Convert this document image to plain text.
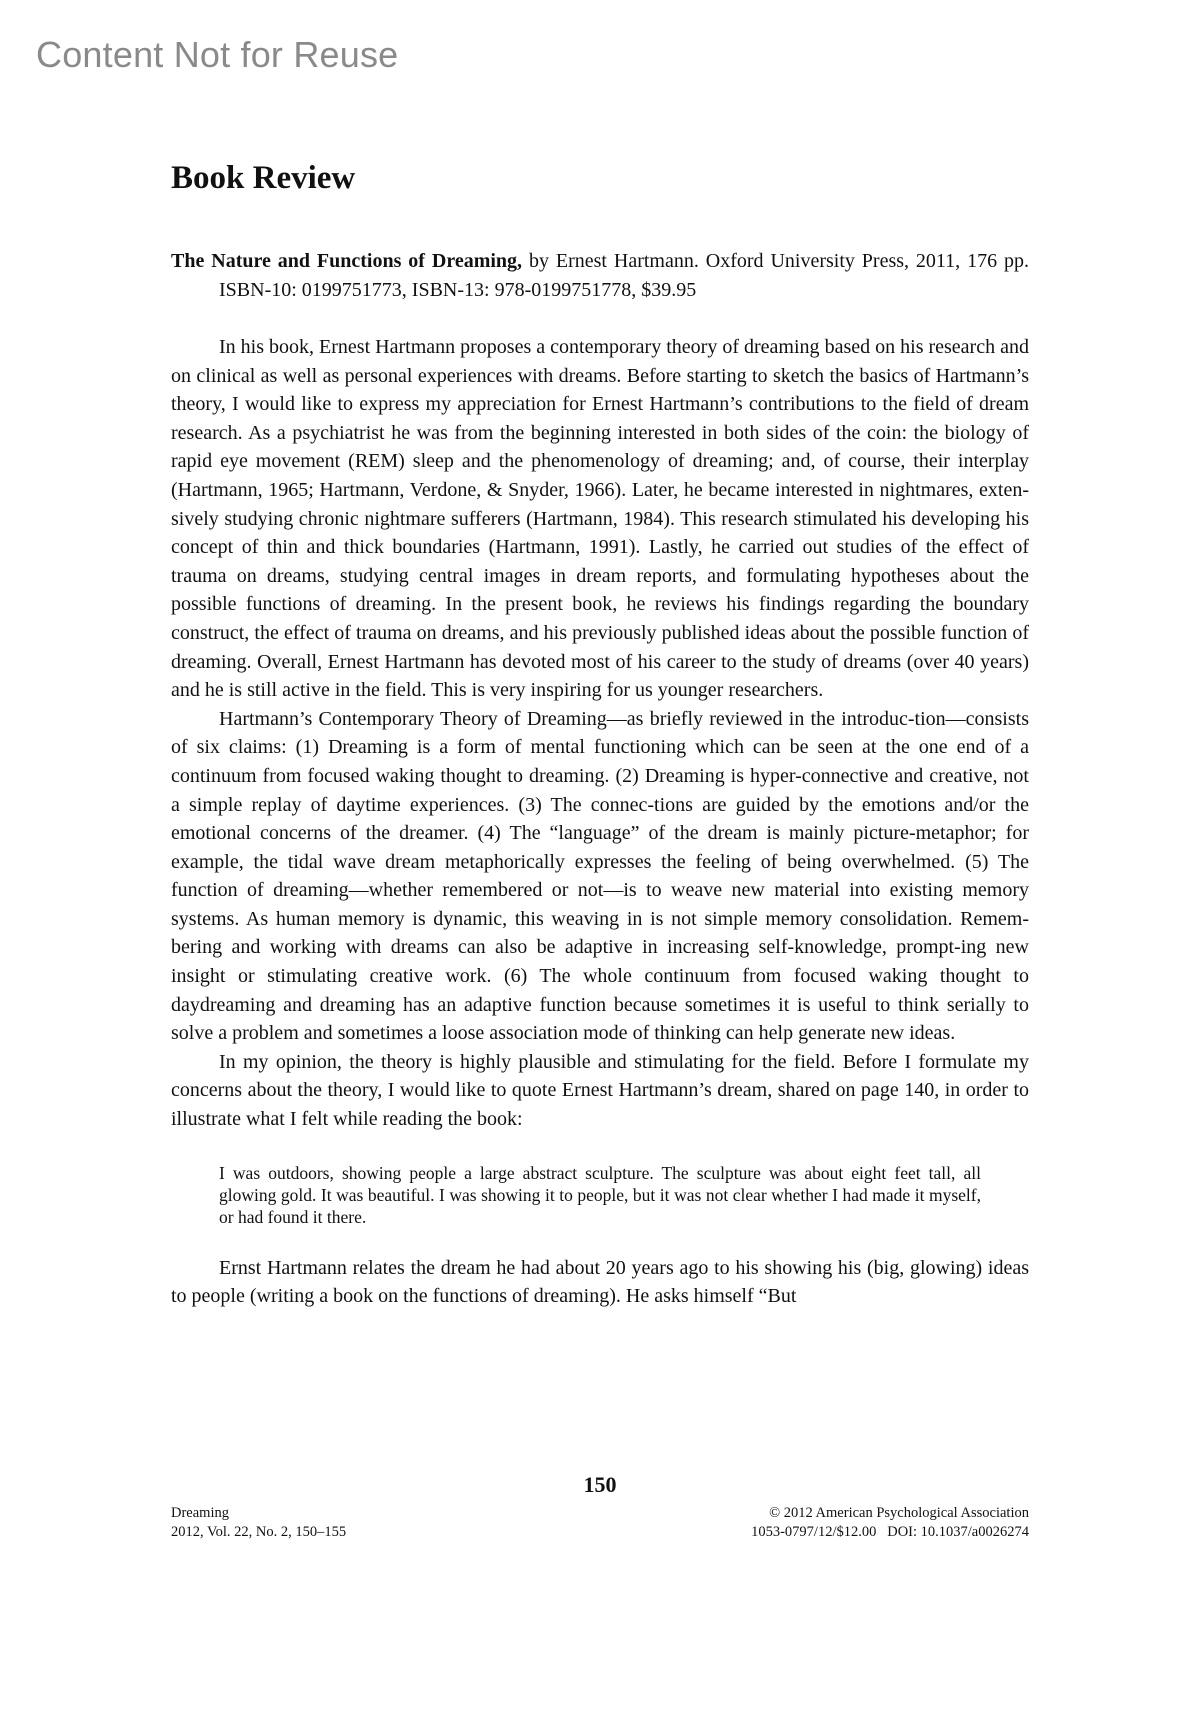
Content Not for Reuse
Book Review

The Nature and Functions of Dreaming, by Ernest Hartmann. Oxford University Press, 2011, 176 pp. ISBN-10: 0199751773, ISBN-13: 978-0199751778, $39.95

In his book, Ernest Hartmann proposes a contemporary theory of dreaming based on his research and on clinical as well as personal experiences with dreams. Before starting to sketch the basics of Hartmann’s theory, I would like to express my appreciation for Ernest Hartmann’s contributions to the field of dream research. As a psychiatrist he was from the beginning interested in both sides of the coin: the biology of rapid eye movement (REM) sleep and the phenomenology of dreaming; and, of course, their interplay (Hartmann, 1965; Hartmann, Verdone, & Snyder, 1966). Later, he became interested in nightmares, exten-sively studying chronic nightmare sufferers (Hartmann, 1984). This research stimulated his developing his concept of thin and thick boundaries (Hartmann, 1991). Lastly, he carried out studies of the effect of trauma on dreams, studying central images in dream reports, and formulating hypotheses about the possible functions of dreaming. In the present book, he reviews his findings regarding the boundary construct, the effect of trauma on dreams, and his previously published ideas about the possible function of dreaming. Overall, Ernest Hartmann has devoted most of his career to the study of dreams (over 40 years) and he is still active in the field. This is very inspiring for us younger researchers.

Hartmann’s Contemporary Theory of Dreaming—as briefly reviewed in the introduc-tion—consists of six claims: (1) Dreaming is a form of mental functioning which can be seen at the one end of a continuum from focused waking thought to dreaming. (2) Dreaming is hyper-connective and creative, not a simple replay of daytime experiences. (3) The connec-tions are guided by the emotions and/or the emotional concerns of the dreamer. (4) The “language” of the dream is mainly picture-metaphor; for example, the tidal wave dream metaphorically expresses the feeling of being overwhelmed. (5) The function of dreaming—whether remembered or not—is to weave new material into existing memory systems. As human memory is dynamic, this weaving in is not simple memory consolidation. Remem-bering and working with dreams can also be adaptive in increasing self-knowledge, prompt-ing new insight or stimulating creative work. (6) The whole continuum from focused waking thought to daydreaming and dreaming has an adaptive function because sometimes it is useful to think serially to solve a problem and sometimes a loose association mode of thinking can help generate new ideas.

In my opinion, the theory is highly plausible and stimulating for the field. Before I formulate my concerns about the theory, I would like to quote Ernest Hartmann’s dream, shared on page 140, in order to illustrate what I felt while reading the book:

I was outdoors, showing people a large abstract sculpture. The sculpture was about eight feet tall, all glowing gold. It was beautiful. I was showing it to people, but it was not clear whether I had made it myself, or had found it there.

Ernst Hartmann relates the dream he had about 20 years ago to his showing his (big, glowing) ideas to people (writing a book on the functions of dreaming). He asks himself “But

150
Dreaming
2012, Vol. 22, No. 2, 150–155
© 2012 American Psychological Association
1053-0797/12/$12.00   DOI: 10.1037/a0026274
